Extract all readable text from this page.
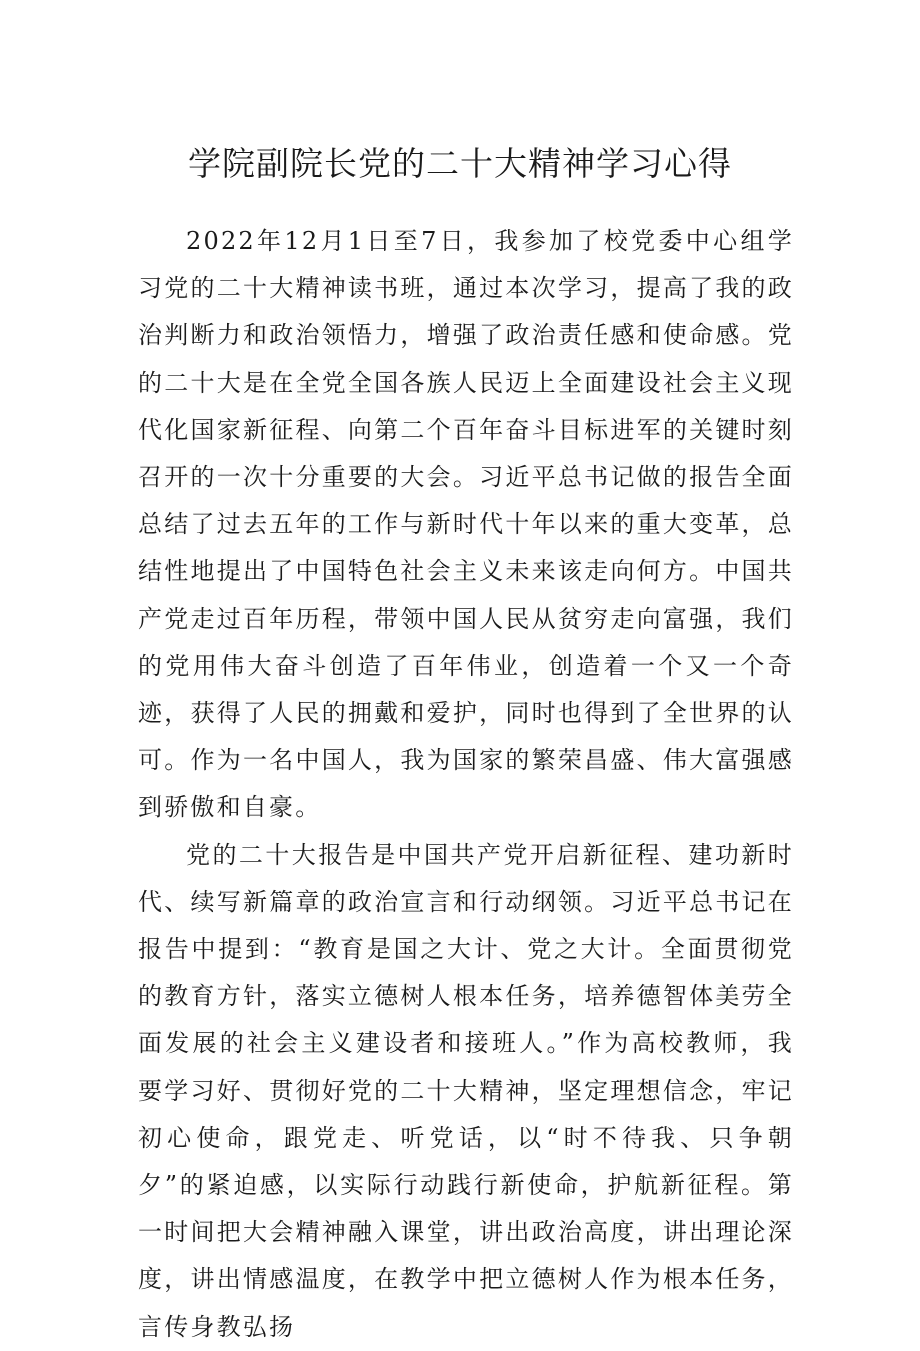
学院副院长党的二十大精神学习心得

2022年12月1日至7日，我参加了校党委中心组学习党的二十大精神读书班，通过本次学习，提高了我的政治判断力和政治领悟力，增强了政治责任感和使命感。党的二十大是在全党全国各族人民迈上全面建设社会主义现代化国家新征程、向第二个百年奋斗目标进军的关键时刻召开的一次十分重要的大会。习近平总书记做的报告全面总结了过去五年的工作与新时代十年以来的重大变革，总结性地提出了中国特色社会主义未来该走向何方。中国共产党走过百年历程，带领中国人民从贫穷走向富强，我们的党用伟大奋斗创造了百年伟业，创造着一个又一个奇迹，获得了人民的拥戴和爱护，同时也得到了全世界的认可。作为一名中国人，我为国家的繁荣昌盛、伟大富强感到骄傲和自豪。

党的二十大报告是中国共产党开启新征程、建功新时代、续写新篇章的政治宣言和行动纲领。习近平总书记在报告中提到：“教育是国之大计、党之大计。全面贯彻党的教育方针，落实立德树人根本任务，培养德智体美劳全面发展的社会主义建设者和接班人。”作为高校教师，我要学习好、贯彻好党的二十大精神，坚定理想信念，牢记初心使命，跟党走、听党话，以“时不待我、只争朝夕”的紧迫感，以实际行动践行新使命，护航新征程。第一时间把大会精神融入课堂，讲出政治高度，讲出理论深度，讲出情感温度，在教学中把立德树人作为根本任务，言传身教弘扬
